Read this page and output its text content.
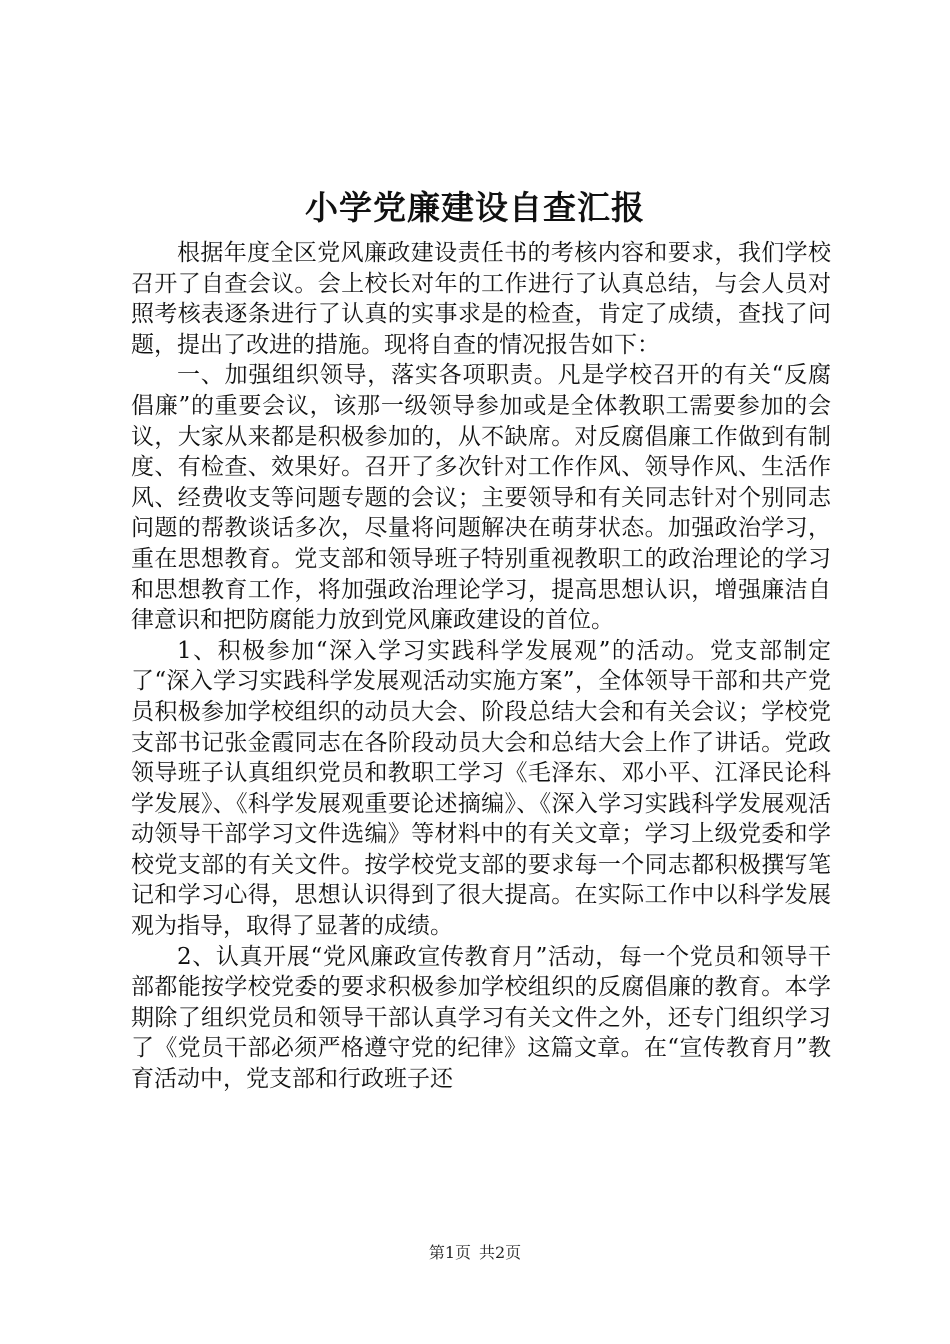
小学党廉建设自查汇报

根据年度全区党风廉政建设责任书的考核内容和要求，我们学校召开了自查会议。会上校长对年的工作进行了认真总结，与会人员对照考核表逐条进行了认真的实事求是的检查，肯定了成绩，查找了问题，提出了改进的措施。现将自查的情况报告如下：

一、加强组织领导，落实各项职责。凡是学校召开的有关“反腐倡廉”的重要会议，该那一级领导参加或是全体教职工需要参加的会议，大家从来都是积极参加的，从不缺席。对反腐倡廉工作做到有制度、有检查、效果好。召开了多次针对工作作风、领导作风、生活作风、经费收支等问题专题的会议；主要领导和有关同志针对个别同志问题的帮教谈话多次，尽量将问题解决在萌芽状态。加强政治学习，重在思想教育。党支部和领导班子特别重视教职工的政治理论的学习和思想教育工作，将加强政治理论学习，提高思想认识，增强廉洁自律意识和把防腐能力放到党风廉政建设的首位。

1、积极参加“深入学习实践科学发展观”的活动。党支部制定了“深入学习实践科学发展观活动实施方案”，全体领导干部和共产党员积极参加学校组织的动员大会、阶段总结大会和有关会议；学校党支部书记张金霞同志在各阶段动员大会和总结大会上作了讲话。党政领导班子认真组织党员和教职工学习《毛泽东、邓小平、江泽民论科学发展》、《科学发展观重要论述摘编》、《深入学习实践科学发展观活动领导干部学习文件选编》等材料中的有关文章；学习上级党委和学校党支部的有关文件。按学校党支部的要求每一个同志都积极撰写笔记和学习心得，思想认识得到了很大提高。在实际工作中以科学发展观为指导，取得了显著的成绩。

2、认真开展“党风廉政宣传教育月”活动，每一个党员和领导干部都能按学校党委的要求积极参加学校组织的反腐倡廉的教育。本学期除了组织党员和领导干部认真学习有关文件之外，还专门组织学习了《党员干部必须严格遵守党的纪律》这篇文章。在“宣传教育月”教育活动中，党支部和行政班子还

第1页 共2页
